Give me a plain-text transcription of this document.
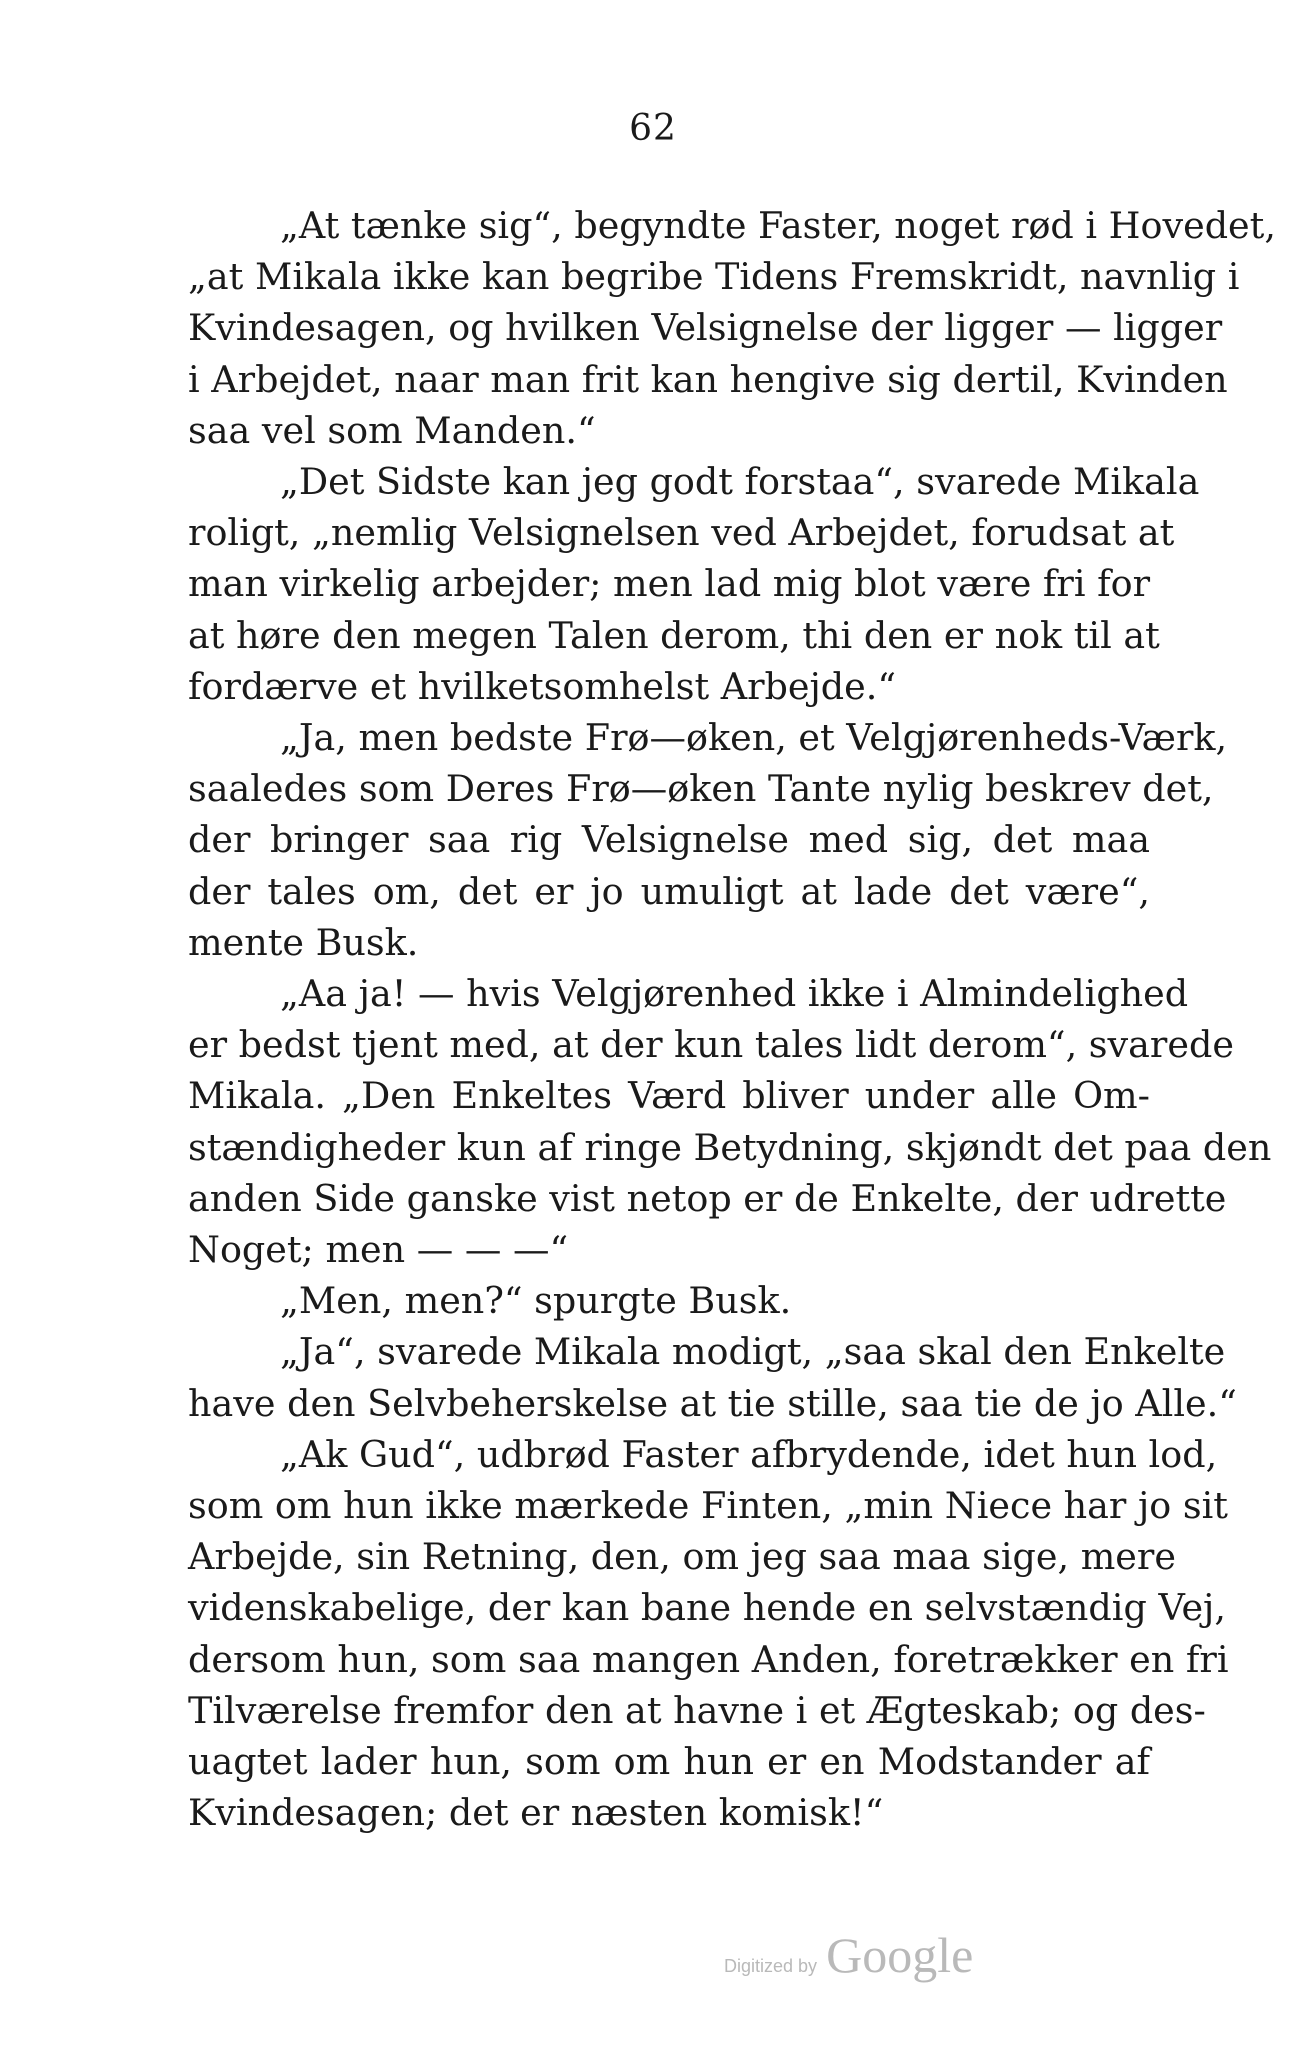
62

„At tænke sig“, begyndte Faster, noget rød i Hovedet,
„at Mikala ikke kan begribe Tidens Fremskridt, navnlig i
Kvindesagen, og hvilken Velsignelse der ligger — ligger
i Arbejdet, naar man frit kan hengive sig dertil, Kvinden
saa vel som Manden.“

„Det Sidste kan jeg godt forstaa“, svarede Mikala
roligt, „nemlig Velsignelsen ved Arbejdet, forudsat at
man virkelig arbejder; men lad mig blot være fri for
at høre den megen Talen derom, thi den er nok til at
fordærve et hvilketsomhelst Arbejde.“

„Ja, men bedste Frø—øken, et Velgjørenheds-Værk,
saaledes som Deres Frø—øken Tante nylig beskrev det,
der bringer saa rig Velsignelse med sig, det maa
der tales om, det er jo umuligt at lade det være“,
mente Busk.

„Aa ja! — hvis Velgjørenhed ikke i Almindelighed
er bedst tjent med, at der kun tales lidt derom“, svarede
Mikala. „Den Enkeltes Værd bliver under alle Om-
stændigheder kun af ringe Betydning, skjøndt det paa den
anden Side ganske vist netop er de Enkelte, der udrette
Noget; men — — —“

„Men, men?“ spurgte Busk.

„Ja“, svarede Mikala modigt, „saa skal den Enkelte
have den Selvbeherskelse at tie stille, saa tie de jo Alle.“

„Ak Gud“, udbrød Faster afbrydende, idet hun lod,
som om hun ikke mærkede Finten, „min Niece har jo sit
Arbejde, sin Retning, den, om jeg saa maa sige, mere
videnskabelige, der kan bane hende en selvstændig Vej,
dersom hun, som saa mangen Anden, foretrækker en fri
Tilværelse fremfor den at havne i et Ægteskab; og des-
uagtet lader hun, som om hun er en Modstander af
Kvindesagen; det er næsten komisk!“

Digitized by Google
